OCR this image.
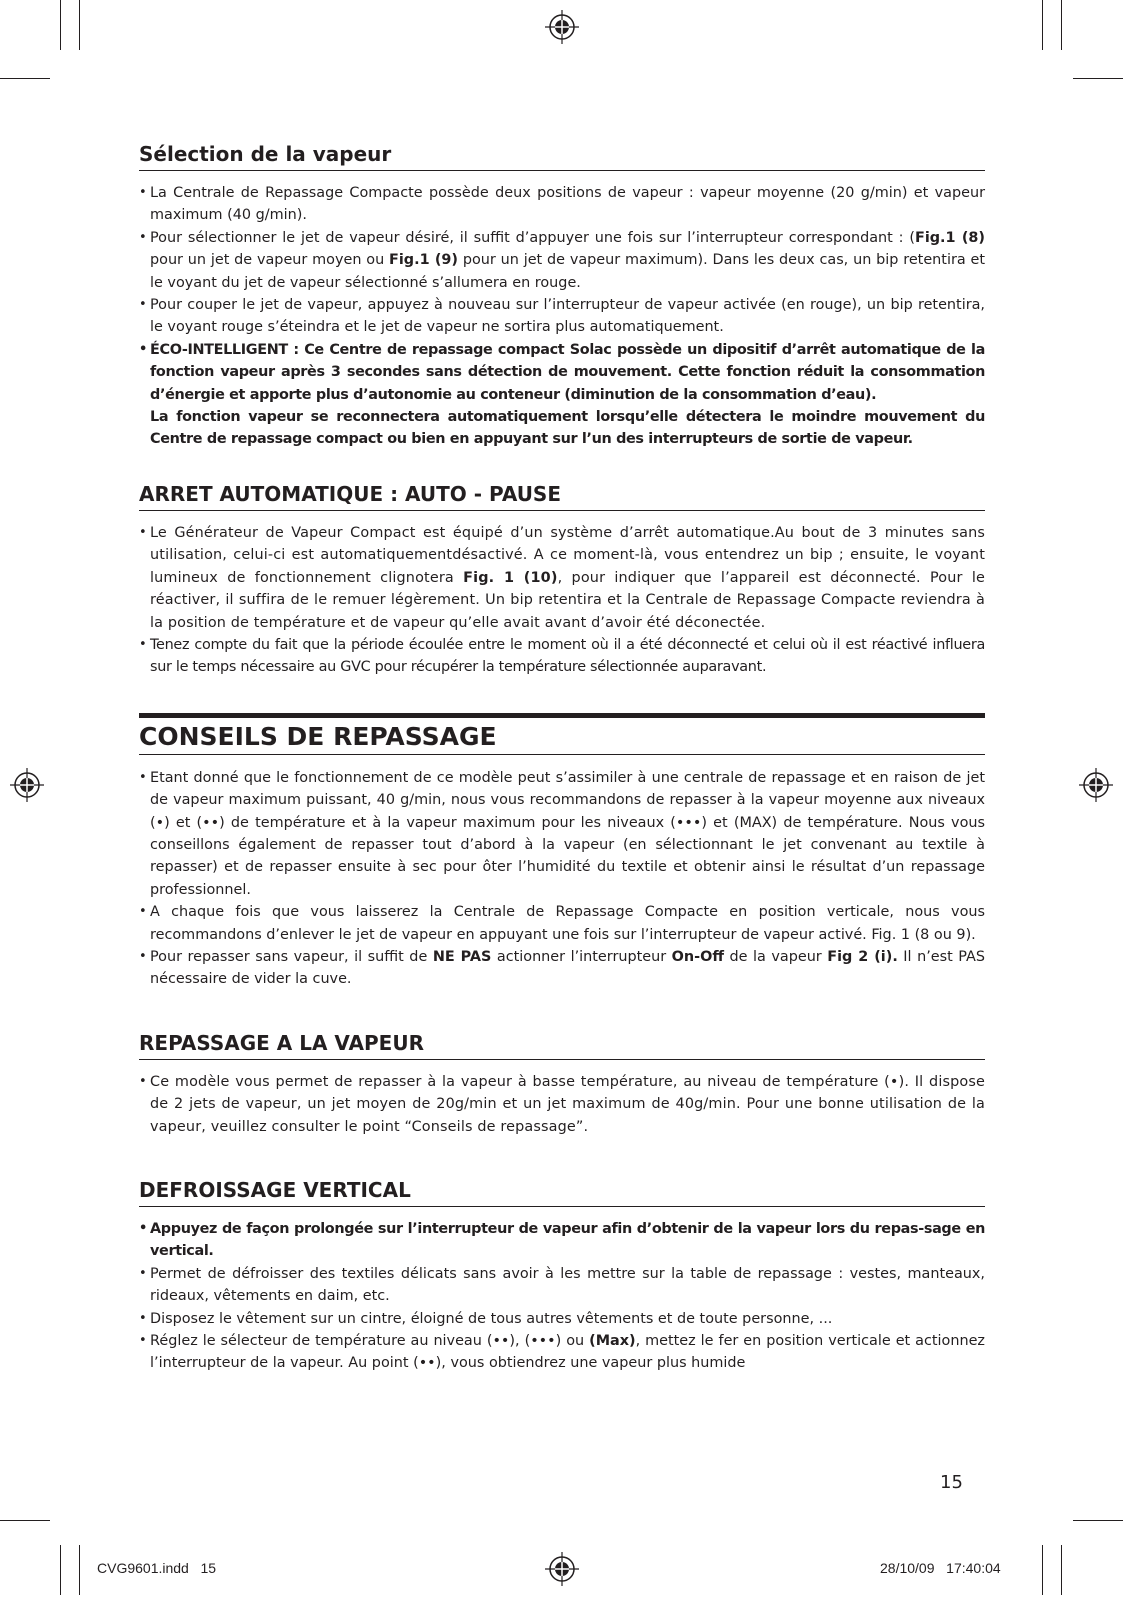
Sélection de la vapeur
• La Centrale de Repassage Compacte possède deux positions de vapeur : vapeur moyenne (20 g/min) et vapeur maximum (40 g/min).
• Pour sélectionner le jet de vapeur désiré, il suffit d’appuyer une fois sur l’interrupteur correspondant : (Fig.1 (8) pour un jet de vapeur moyen ou Fig.1 (9) pour un jet de vapeur maximum). Dans les deux cas, un bip retentira et le voyant du jet de vapeur sélectionné s’allumera en rouge.
• Pour couper le jet de vapeur, appuyez à nouveau sur l’interrupteur de vapeur activée (en rouge), un bip retentira, le voyant rouge s’éteindra et le jet de vapeur ne sortira plus automatiquement.
• ÉCO-INTELLIGENT : Ce Centre de repassage compact Solac possède un dipositif d’arrêt automatique de la fonction vapeur après 3 secondes sans détection de mouvement. Cette fonction réduit la consommation d’énergie et apporte plus d’autonomie au conteneur (diminution de la consommation d’eau).
La fonction vapeur se reconnectera automatiquement lorsqu’elle détectera le moindre mouvement du Centre de repassage compact ou bien en appuyant sur l’un des interrupteurs de sortie de vapeur.
ARRET AUTOMATIQUE : AUTO - PAUSE
• Le Générateur de Vapeur Compact est équipé d’un système d’arrêt automatique.Au bout de 3 minutes sans utilisation, celui-ci est automatiquementdésactivé. A ce moment-là, vous entendrez un bip ; ensuite, le voyant lumineux de fonctionnement clignotera Fig. 1 (10), pour indiquer que l’appareil est déconnecté. Pour le réactiver, il suffira de le remuer légèrement. Un bip retentira et la Centrale de Repassage Compacte reviendra à la position de température et de vapeur qu’elle avait avant d’avoir été déconectée.
• Tenez compte du fait que la période écoulée entre le moment où il a été déconnecté et celui où il est réactivé influera sur le temps nécessaire au GVC pour récupérer la température sélectionnée auparavant.
CONSEILS DE REPASSAGE
• Etant donné que le fonctionnement de ce modèle peut s’assimiler à une centrale de repassage et en raison de jet de vapeur maximum puissant, 40 g/min, nous vous recommandons de repasser à la vapeur moyenne aux niveaux (•) et (••) de température et à la vapeur maximum pour les niveaux (•••) et (MAX) de température. Nous vous conseillons également de repasser tout d’abord à la vapeur (en sélectionnant le jet convenant au textile à repasser) et de repasser ensuite à sec pour ôter l’humidité du textile et obtenir ainsi le résultat d’un repassage professionnel.
• A chaque fois que vous laisserez la Centrale de Repassage Compacte en position verticale, nous vous recommandons d’enlever le jet de vapeur en appuyant une fois sur l’interrupteur de vapeur activé. Fig. 1 (8 ou 9).
• Pour repasser sans vapeur, il suffit de NE PAS actionner l’interrupteur On-Off de la vapeur Fig 2 (i). Il n’est PAS nécessaire de vider la cuve.
REPASSAGE A LA VAPEUR
• Ce modèle vous permet de repasser à la vapeur à basse température, au niveau de température (•). Il dispose de 2 jets de vapeur, un jet moyen de 20g/min et un jet maximum de 40g/min. Pour une bonne utilisation de la vapeur, veuillez consulter le point “Conseils de repassage”.
DEFROISSAGE VERTICAL
• Appuyez de façon prolongée sur l’interrupteur de vapeur afin d’obtenir de la vapeur lors du repas-sage en vertical.
• Permet de défroisser des textiles délicats sans avoir à les mettre sur la table de repassage : vestes, manteaux, rideaux, vêtements en daim, etc.
• Disposez le vêtement sur un cintre, éloigné de tous autres vêtements et de toute personne, ...
• Réglez le sélecteur de température au niveau (••), (•••) ou (Max), mettez le fer en position verticale et actionnez l’interrupteur de la vapeur. Au point (••), vous obtiendrez une vapeur plus humide
15
CVG9601.indd   15	28/10/09   17:40:04
